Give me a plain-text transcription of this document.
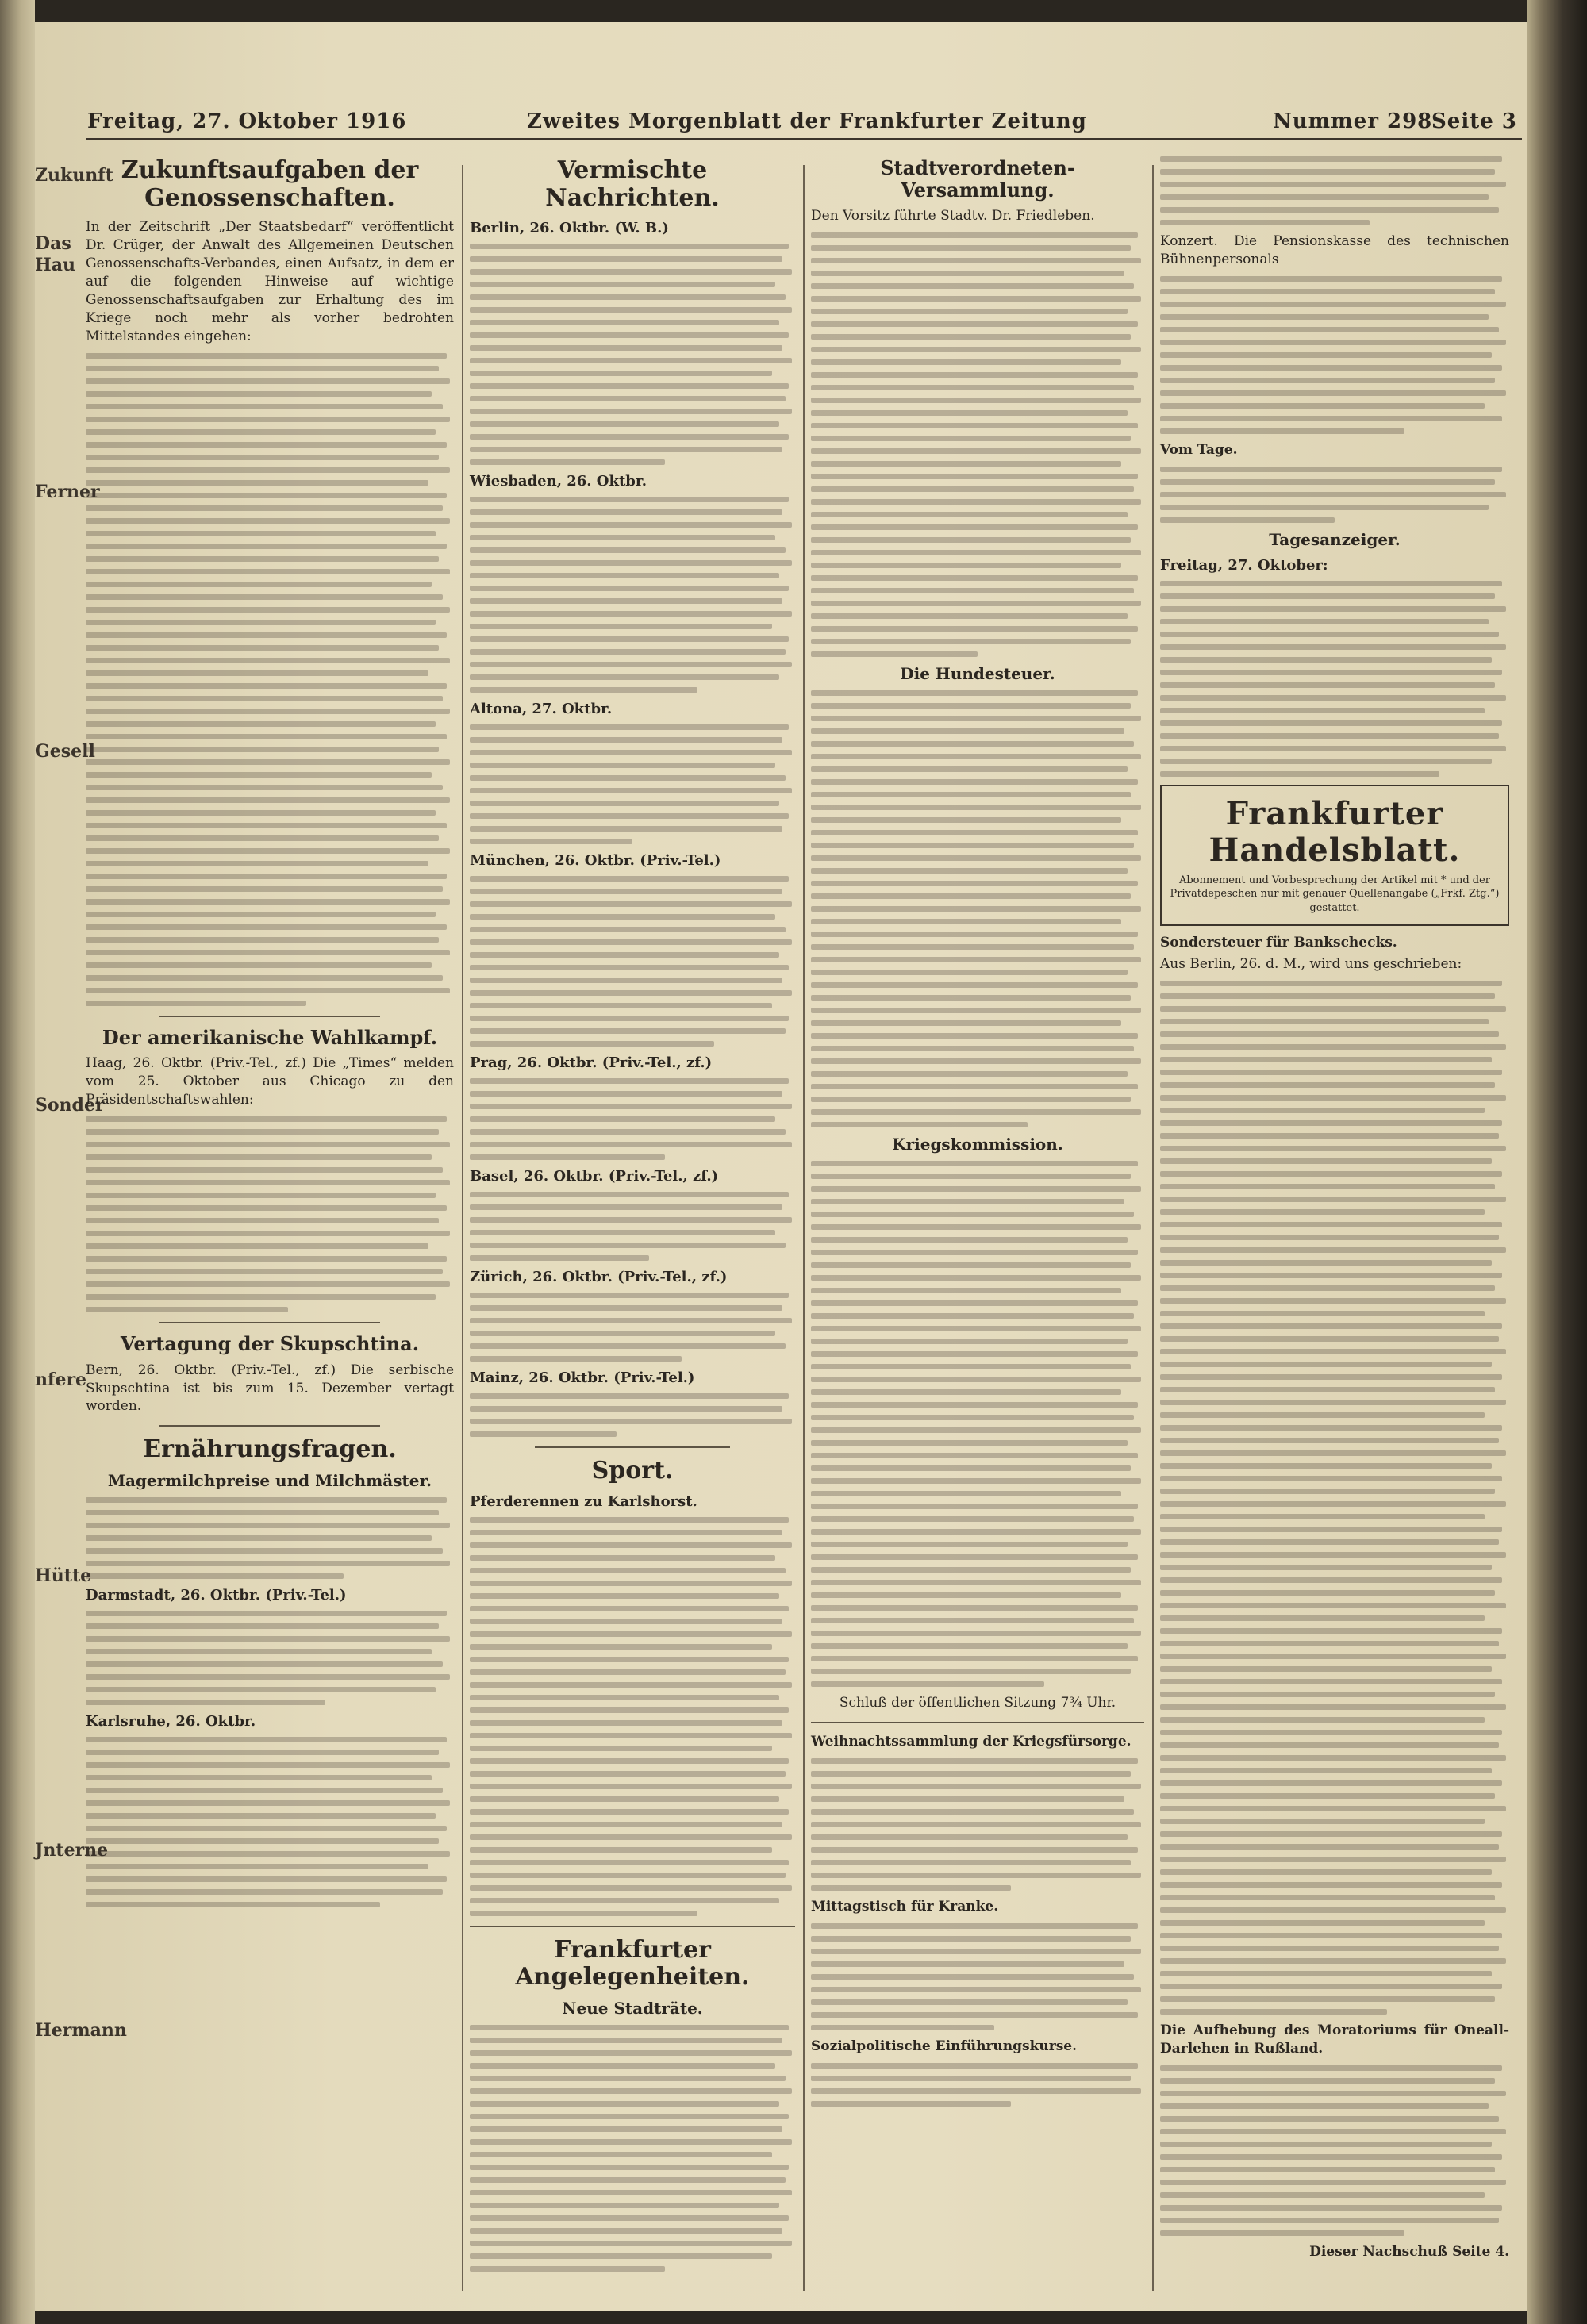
Zukunft
Das Hau
Ferner
Gesell
Sonder
nfere
Hütte
Jnterne
Hermann
Freitag, 27. Oktober 1916	Zweites Morgenblatt der Frankfurter Zeitung	Nummer 298
Seite 3
Zukunftsaufgaben der Genossenschaften.
In der Zeitschrift „Der Staatsbedarf“ veröffentlicht Dr. Crüger, der Anwalt des Allgemeinen Deutschen Genossenschafts-Verbandes, einen Aufsatz, in dem er auf die folgenden Hinweise auf wichtige Genossenschaftsaufgaben zur Erhaltung des im Kriege noch mehr als vorher bedrohten Mittelstandes eingehen:
Der amerikanische Wahlkampf.
Haag, 26. Oktbr. (Priv.-Tel., zf.) Die „Times“ melden vom 25. Oktober aus Chicago zu den Präsidentschaftswahlen:
Vertagung der Skupschtina.
Bern, 26. Oktbr. (Priv.-Tel., zf.) Die serbische Skupschtina ist bis zum 15. Dezember vertagt worden.
Ernährungsfragen.
Magermilchpreise und Milchmäster.
Darmstadt, 26. Oktbr. (Priv.-Tel.)
Karlsruhe, 26. Oktbr.
Vermischte Nachrichten.
Berlin, 26. Oktbr. (W. B.)
Wiesbaden, 26. Oktbr.
Altona, 27. Oktbr.
München, 26. Oktbr. (Priv.-Tel.)
Prag, 26. Oktbr. (Priv.-Tel., zf.)
Basel, 26. Oktbr. (Priv.-Tel., zf.)
Zürich, 26. Oktbr. (Priv.-Tel., zf.)
Mainz, 26. Oktbr. (Priv.-Tel.)
Sport.
Pferderennen zu Karlshorst.
Frankfurter Angelegenheiten.
Neue Stadträte.
Stadtverordneten-Versammlung.
Den Vorsitz führte Stadtv. Dr. Friedleben.
Die Hundesteuer.
Kriegskommission.
Schluß der öffentlichen Sitzung 7¾ Uhr.
Weihnachtssammlung der Kriegsfürsorge.
Mittagstisch für Kranke.
Sozialpolitische Einführungskurse.
Konzert. Die Pensionskasse des technischen Bühnenpersonals
Vom Tage.
Tagesanzeiger.
Freitag, 27. Oktober:
Frankfurter Handelsblatt.
Abonnement und Vorbesprechung der Artikel mit * und der Privatdepeschen nur mit genauer Quellenangabe („Frkf. Ztg.“) gestattet.
Sondersteuer für Bankschecks.
Aus Berlin, 26. d. M., wird uns geschrieben:
Die Aufhebung des Moratoriums für Oneall-Darlehen in Rußland.
Dieser Nachschuß Seite 4.
